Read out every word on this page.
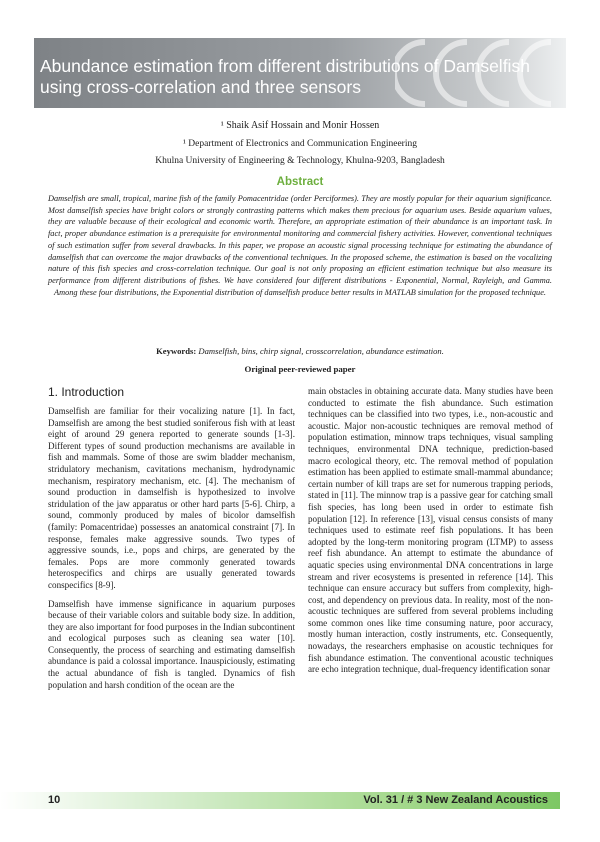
Abundance estimation from different distributions of Damselfish using cross-correlation and three sensors
¹ Shaik Asif Hossain and Monir Hossen
¹ Department of Electronics and Communication Engineering
Khulna University of Engineering & Technology, Khulna-9203, Bangladesh
Abstract

Damselfish are small, tropical, marine fish of the family Pomacentridae (order Perciformes). They are mostly popular for their aquarium significance. Most damselfish species have bright colors or strongly contrasting patterns which makes them precious for aquarium uses. Beside aquarium values, they are valuable because of their ecological and economic worth. Therefore, an appropriate estimation of their abundance is an important task. In fact, proper abundance estimation is a prerequisite for environmental monitoring and commercial fishery activities. However, conventional techniques of such estimation suffer from several drawbacks. In this paper, we propose an acoustic signal processing technique for estimating the abundance of damselfish that can overcome the major drawbacks of the conventional techniques. In the proposed scheme, the estimation is based on the vocalizing nature of this fish species and cross-correlation technique. Our goal is not only proposing an efficient estimation technique but also measure its performance from different distributions of fishes. We have considered four different distributions - Exponential, Normal, Rayleigh, and Gamma. Among these four distributions, the Exponential distribution of damselfish produce better results in MATLAB simulation for the proposed technique.

Keywords: Damselfish, bins, chirp signal, crosscorrelation, abundance estimation.
Original peer-reviewed paper
1. Introduction

Damselfish are familiar for their vocalizing nature [1]. In fact, Damselfish are among the best studied soniferous fish with at least eight of around 29 genera reported to generate sounds [1-3]. Different types of sound production mechanisms are available in fish and mammals. Some of those are swim bladder mechanism, stridulatory mechanism, cavitations mechanism, hydrodynamic mechanism, respiratory mechanism, etc. [4]. The mechanism of sound production in damselfish is hypothesized to involve stridulation of the jaw apparatus or other hard parts [5-6]. Chirp, a sound, commonly produced by males of bicolor damselfish (family: Pomacentridae) possesses an anatomical constraint [7]. In response, females make aggressive sounds. Two types of aggressive sounds, i.e., pops and chirps, are generated by the females. Pops are more commonly generated towards heterospecifics and chirps are usually generated towards conspecifics [8-9].

Damselfish have immense significance in aquarium purposes because of their variable colors and suitable body size. In addition, they are also important for food purposes in the Indian subcontinent and ecological purposes such as cleaning sea water [10]. Consequently, the process of searching and estimating damselfish abundance is paid a colossal importance. Inauspiciously, estimating the actual abundance of fish is tangled. Dynamics of fish population and harsh condition of the ocean are the

main obstacles in obtaining accurate data. Many studies have been conducted to estimate the fish abundance. Such estimation techniques can be classified into two types, i.e., non-acoustic and acoustic. Major non-acoustic techniques are removal method of population estimation, minnow traps techniques, visual sampling techniques, environmental DNA technique, prediction-based macro ecological theory, etc. The removal method of population estimation has been applied to estimate small-mammal abundance; certain number of kill traps are set for numerous trapping periods, stated in [11]. The minnow trap is a passive gear for catching small fish species, has long been used in order to estimate fish population [12]. In reference [13], visual census consists of many techniques used to estimate reef fish populations. It has been adopted by the long-term monitoring program (LTMP) to assess reef fish abundance. An attempt to estimate the abundance of aquatic species using environmental DNA concentrations in large stream and river ecosystems is presented in reference [14]. This technique can ensure accuracy but suffers from complexity, high-cost, and dependency on previous data. In reality, most of the non-acoustic techniques are suffered from several problems including some common ones like time consuming nature, poor accuracy, mostly human interaction, costly instruments, etc. Consequently, nowadays, the researchers emphasise on acoustic techniques for fish abundance estimation. The conventional acoustic techniques are echo integration technique, dual-frequency identification sonar

10	Vol. 31 / # 3 New Zealand Acoustics
